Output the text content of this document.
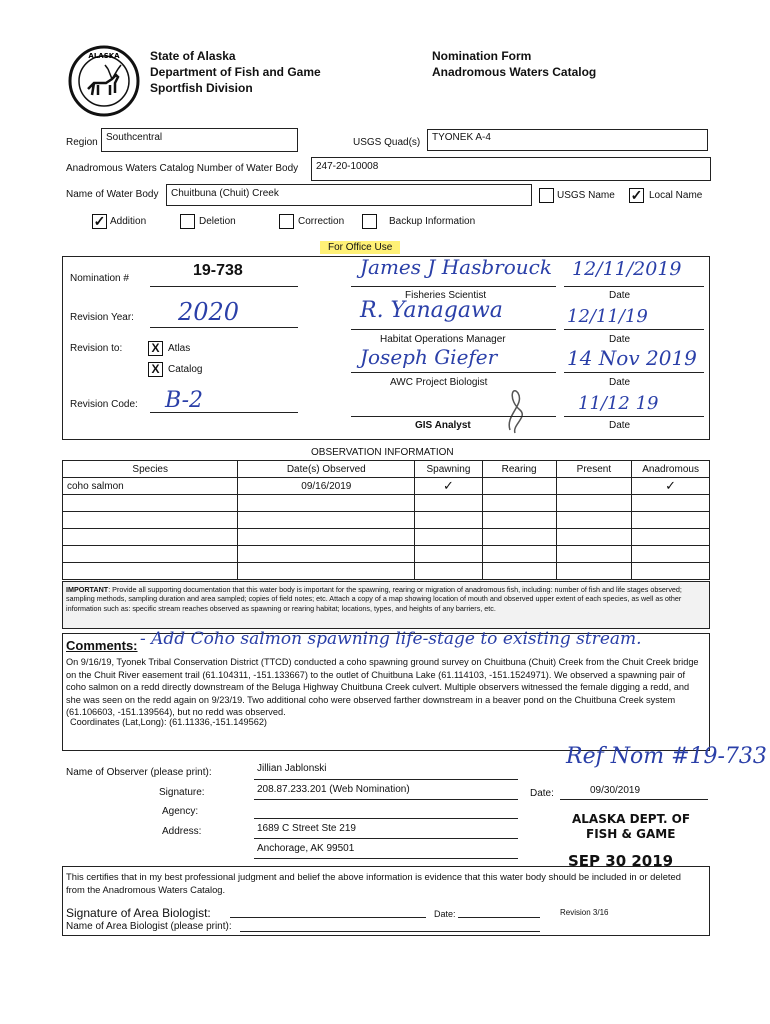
ALASKA	State of Alaska
Department of Fish and Game
Sportfish Division
Nomination Form
Anadromous Waters Catalog
Region Southcentral	USGS Quad(s)	TYONEK A-4
Anadromous Waters Catalog Number of Water Body	247-20-10008
Name of Water Body	Chuitbuna (Chuit) Creek	USGS Name ✓ Local Name
✓ Addition	Deletion	Correction	Backup Information
For Office Use
Nomination #	19-738
Revision Year: 2020
Revision to: X Atlas
X Catalog
Revision Code: B-2
James J Hasbrouck
Fisheries Scientist
12/11/2019
Date
R. Yanagawa
Habitat Operations Manager
12/11/19
Date
Joseph Giefer
AWC Project Biologist
14 Nov 2019
Date
GIS Analyst
11/12 19
Date
OBSERVATION INFORMATION
Species	Date(s) Observed	Spawning	Rearing	Present	Anadromous
coho salmon	09/16/2019	✓			✓

IMPORTANT: Provide all supporting documentation that this water body is important for the spawning, rearing or migration of anadromous fish, including: number of fish and life stages observed; sampling methods, sampling duration and area sampled; copies of field notes; etc. Attach a copy of a map showing location of mouth and observed upper extent of each species, as well as other information such as: specific stream reaches observed as spawning or rearing habitat; locations, types, and heights of any barriers, etc.
Comments: - Add Coho salmon spawning life-stage to existing stream.
On 9/16/19, Tyonek Tribal Conservation District (TTCD) conducted a coho spawning ground survey on Chuitbuna (Chuit) Creek from the Chuit Creek bridge on the Chuit River easement trail (61.104311, -151.133667) to the outlet of Chuitbuna Lake (61.114103, -151.1524971). We observed a spawning pair of coho salmon on a redd directly downstream of the Beluga Highway Chuitbuna Creek culvert. Multiple observers witnessed the female digging a redd, and she was seen on the redd again on 9/23/19. Two additional coho were observed farther downstream in a beaver pond on the Chuitbuna Creek system (61.106603, -151.139564), but no redd was observed.
Coordinates (Lat,Long): (61.11336,-151.149562)
Ref Nom #19-733
Name of Observer (please print):	Jillian Jablonski
Signature:	208.87.233.201 (Web Nomination)	Date:	09/30/2019
Agency:
Address:	1689 C Street Ste 219
Anchorage, AK 99501
ALASKA DEPT. OF
FISH & GAME
This certifies that in my best professional judgment and belief the above information is evidence that this water body should be included in or deleted from the Anadromous Waters Catalog.
SEP 30 2019
Signature of Area Biologist:	Date:	Revision 3/16
Name of Area Biologist (please print):
